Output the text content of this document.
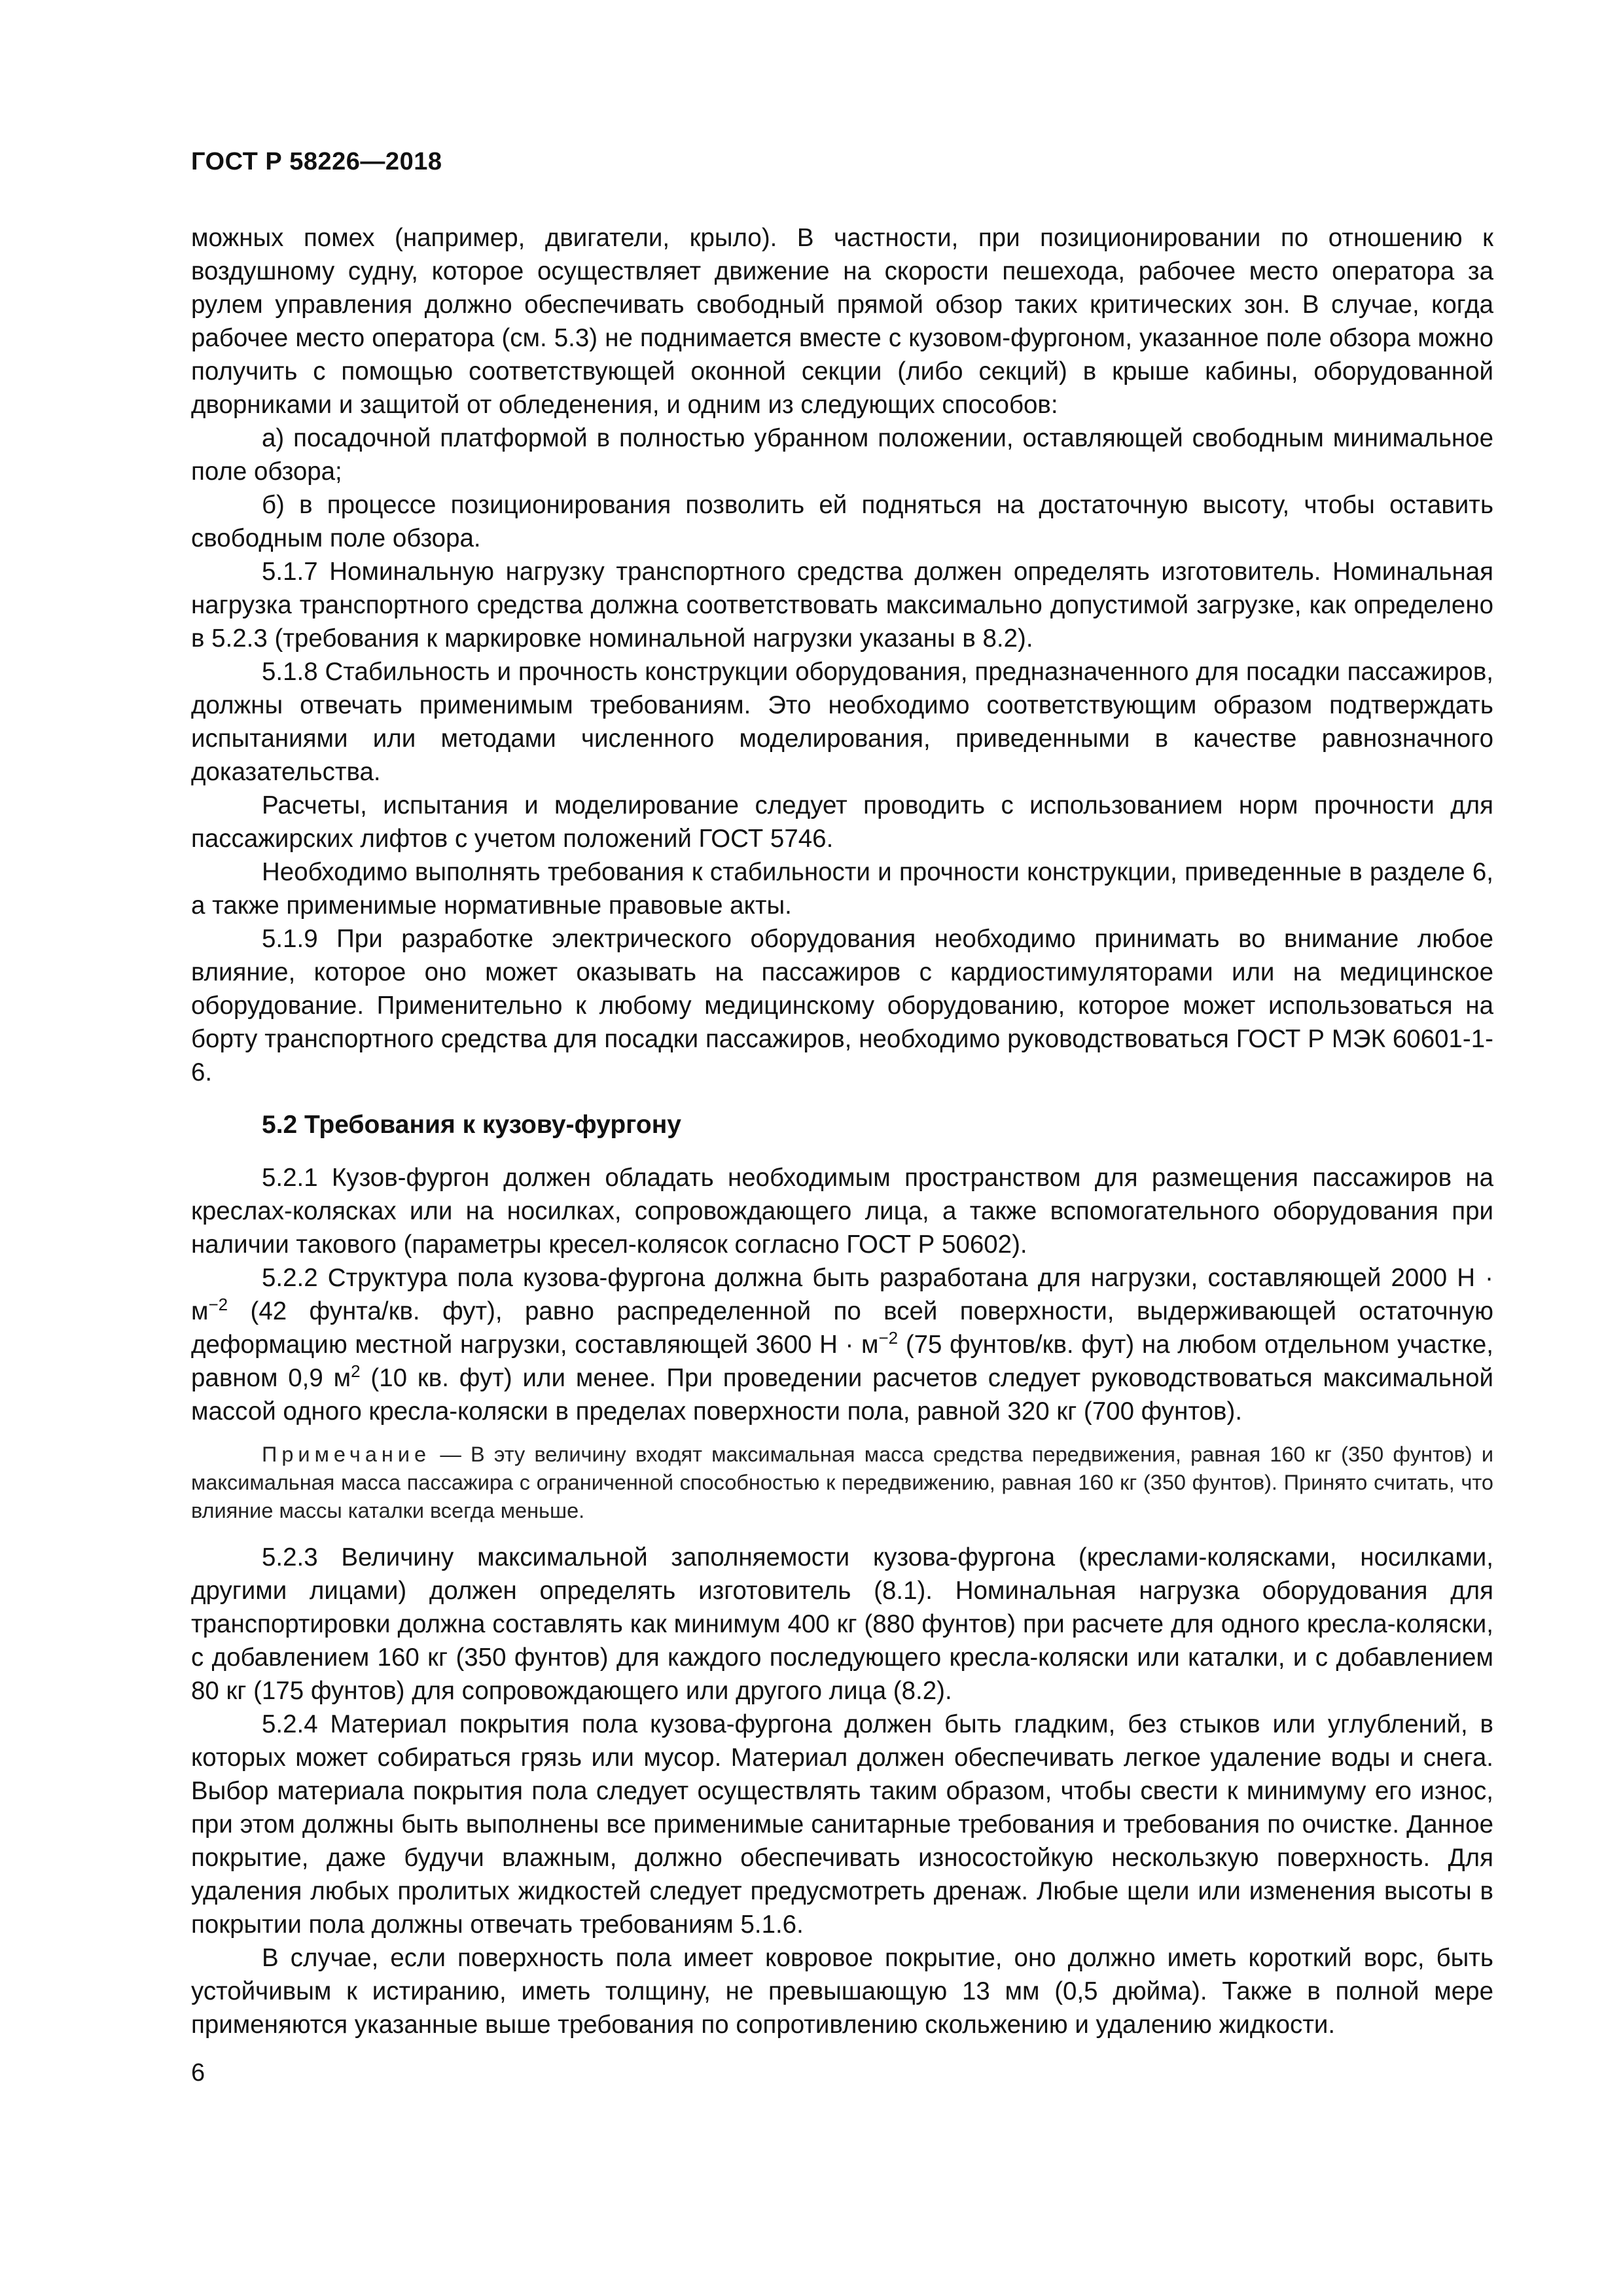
ГОСТ Р 58226—2018

можных помех (например, двигатели, крыло). В частности, при позиционировании по отношению к воздушному судну, которое осуществляет движение на скорости пешехода, рабочее место оператора за рулем управления должно обеспечивать свободный прямой обзор таких критических зон. В случае, когда рабочее место оператора (см. 5.3) не поднимается вместе с кузовом-фургоном, указанное поле обзора можно получить с помощью соответствующей оконной секции (либо секций) в крыше кабины, оборудованной дворниками и защитой от обледенения, и одним из следующих способов:

а) посадочной платформой в полностью убранном положении, оставляющей свободным минимальное поле обзора;

б) в процессе позиционирования позволить ей подняться на достаточную высоту, чтобы оставить свободным поле обзора.

5.1.7 Номинальную нагрузку транспортного средства должен определять изготовитель. Номинальная нагрузка транспортного средства должна соответствовать максимально допустимой загрузке, как определено в 5.2.3 (требования к маркировке номинальной нагрузки указаны в 8.2).

5.1.8 Стабильность и прочность конструкции оборудования, предназначенного для посадки пассажиров, должны отвечать применимым требованиям. Это необходимо соответствующим образом подтверждать испытаниями или методами численного моделирования, приведенными в качестве равнозначного доказательства.

Расчеты, испытания и моделирование следует проводить с использованием норм прочности для пассажирских лифтов с учетом положений ГОСТ 5746.

Необходимо выполнять требования к стабильности и прочности конструкции, приведенные в разделе 6, а также применимые нормативные правовые акты.

5.1.9 При разработке электрического оборудования необходимо принимать во внимание любое влияние, которое оно может оказывать на пассажиров с кардиостимуляторами или на медицинское оборудование. Применительно к любому медицинскому оборудованию, которое может использоваться на борту транспортного средства для посадки пассажиров, необходимо руководствоваться ГОСТ Р МЭК 60601-1-6.

5.2 Требования к кузову-фургону

5.2.1 Кузов-фургон должен обладать необходимым пространством для размещения пассажиров на креслах-колясках или на носилках, сопровождающего лица, а также вспомогательного оборудования при наличии такового (параметры кресел-колясок согласно ГОСТ Р 50602).

5.2.2 Структура пола кузова-фургона должна быть разработана для нагрузки, составляющей 2000 $Н \cdot м^{-2}$ (42 фунта/кв. фут), равно распределенной по всей поверхности, выдерживающей остаточную деформацию местной нагрузки, составляющей 3600 $Н \cdot м^{-2}$ (75 фунтов/кв. фут) на любом отдельном участке, равном 0,9 $м^2$ (10 кв. фут) или менее. При проведении расчетов следует руководствоваться максимальной массой одного кресла-коляски в пределах поверхности пола, равной 320 кг (700 фунтов).

Примечание — В эту величину входят максимальная масса средства передвижения, равная 160 кг (350 фунтов) и максимальная масса пассажира с ограниченной способностью к передвижению, равная 160 кг (350 фунтов). Принято считать, что влияние массы каталки всегда меньше.

5.2.3 Величину максимальной заполняемости кузова-фургона (креслами-колясками, носилками, другими лицами) должен определять изготовитель (8.1). Номинальная нагрузка оборудования для транспортировки должна составлять как минимум 400 кг (880 фунтов) при расчете для одного кресла-коляски, с добавлением 160 кг (350 фунтов) для каждого последующего кресла-коляски или каталки, и с добавлением 80 кг (175 фунтов) для сопровождающего или другого лица (8.2).

5.2.4 Материал покрытия пола кузова-фургона должен быть гладким, без стыков или углублений, в которых может собираться грязь или мусор. Материал должен обеспечивать легкое удаление воды и снега. Выбор материала покрытия пола следует осуществлять таким образом, чтобы свести к минимуму его износ, при этом должны быть выполнены все применимые санитарные требования и требования по очистке. Данное покрытие, даже будучи влажным, должно обеспечивать износостойкую нескользкую поверхность. Для удаления любых пролитых жидкостей следует предусмотреть дренаж. Любые щели или изменения высоты в покрытии пола должны отвечать требованиям 5.1.6.

В случае, если поверхность пола имеет ковровое покрытие, оно должно иметь короткий ворс, быть устойчивым к истиранию, иметь толщину, не превышающую 13 мм (0,5 дюйма). Также в полной мере применяются указанные выше требования по сопротивлению скольжению и удалению жидкости.

6
